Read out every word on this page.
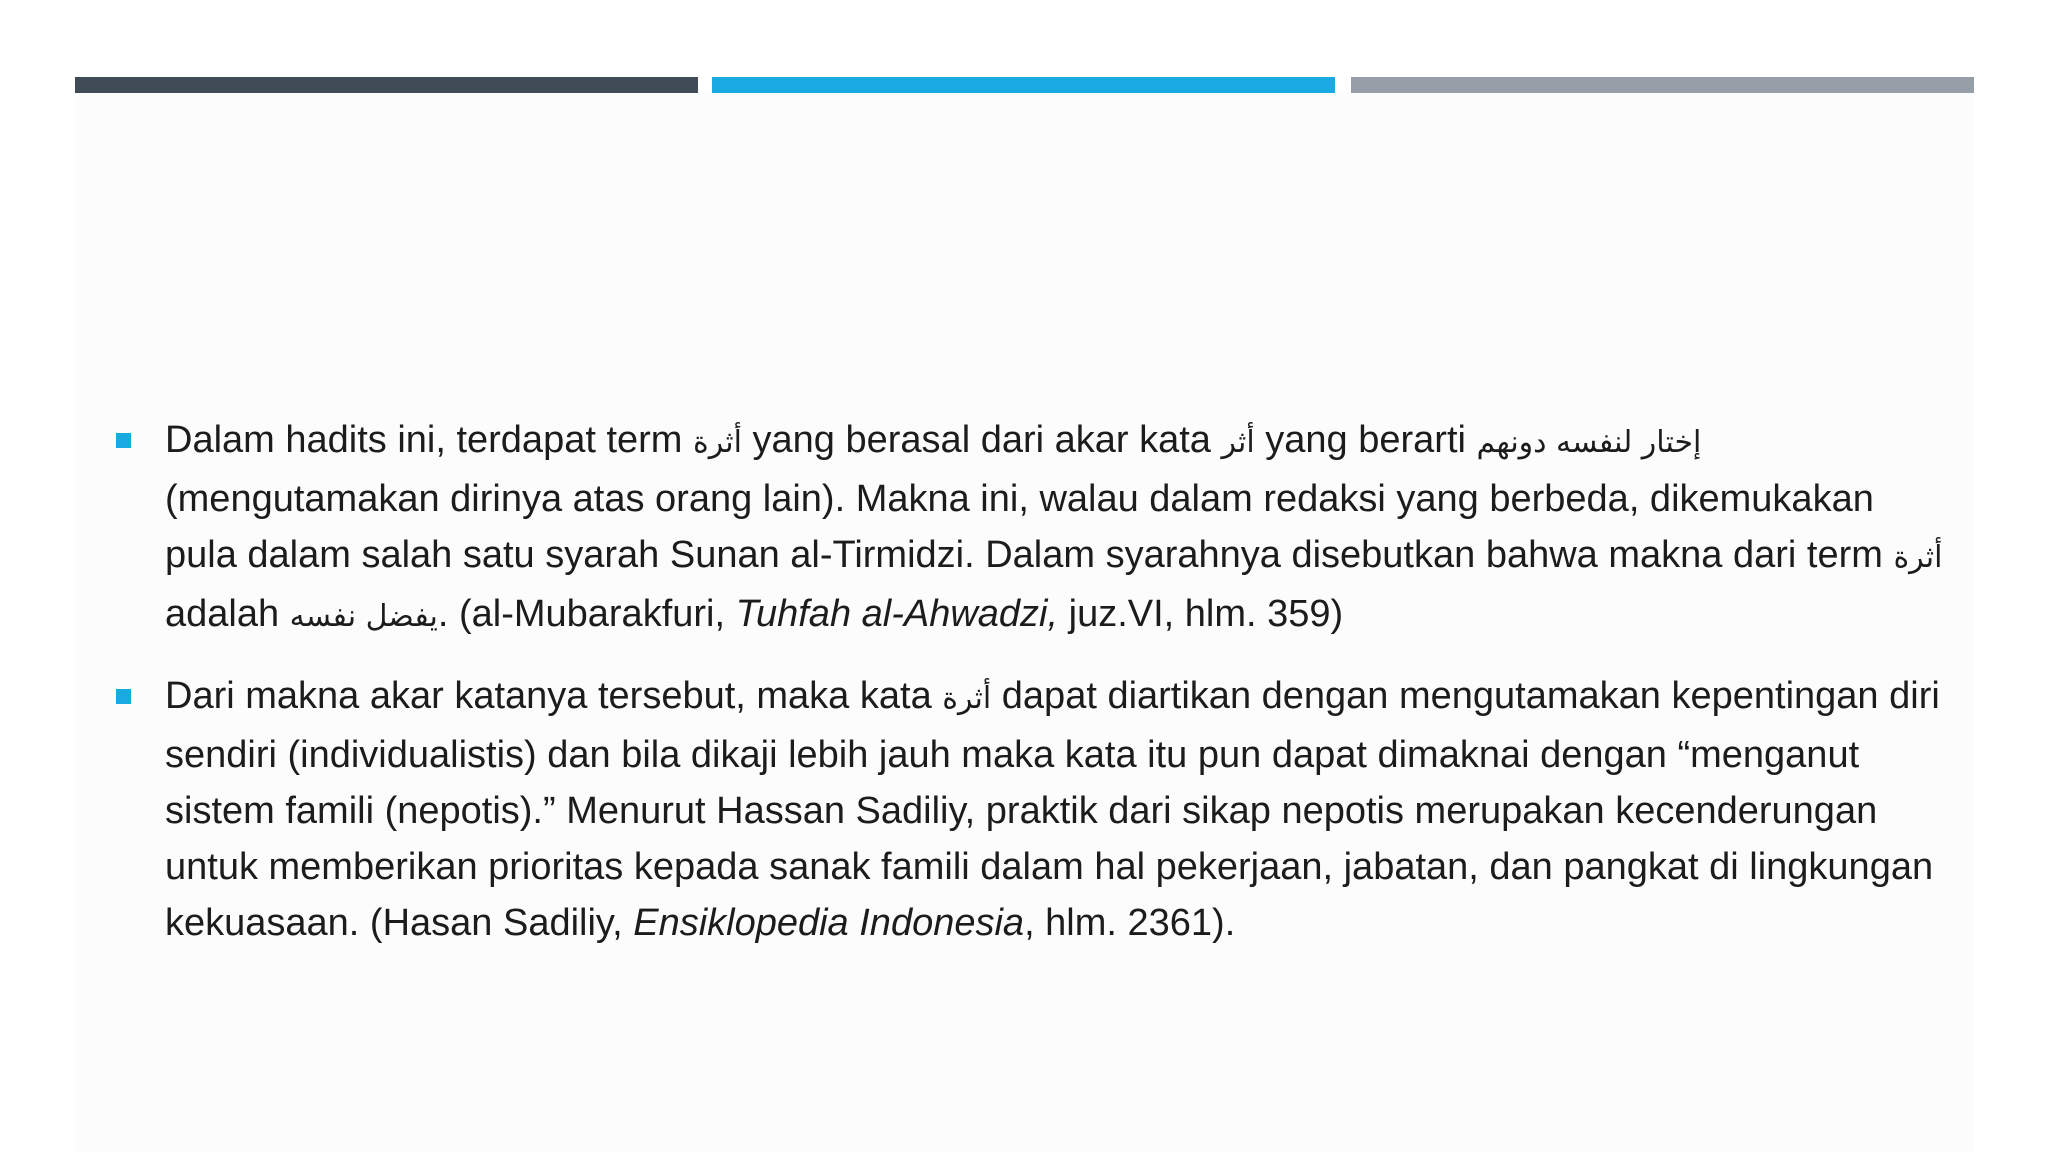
Dalam hadits ini, terdapat term أثرة yang berasal dari akar kata أثر yang berarti إختار لنفسه دونهم (mengutamakan dirinya atas orang lain). Makna ini, walau dalam redaksi yang berbeda, dikemukakan pula dalam salah satu syarah Sunan al-Tirmidzi. Dalam syarahnya disebutkan bahwa makna dari term أثرة adalah يفضل نفسه. (al-Mubarakfuri, Tuhfah al-Ahwadzi, juz.VI, hlm. 359)
Dari makna akar katanya tersebut, maka kata أثرة dapat diartikan dengan mengutamakan kepentingan diri sendiri (individualistis) dan bila dikaji lebih jauh maka kata itu pun dapat dimaknai dengan “menganut sistem famili (nepotis).” Menurut Hassan Sadiliy, praktik dari sikap nepotis merupakan kecenderungan untuk memberikan prioritas kepada sanak famili dalam hal pekerjaan, jabatan, dan pangkat di lingkungan kekuasaan. (Hasan Sadiliy, Ensiklopedia Indonesia, hlm. 2361).
